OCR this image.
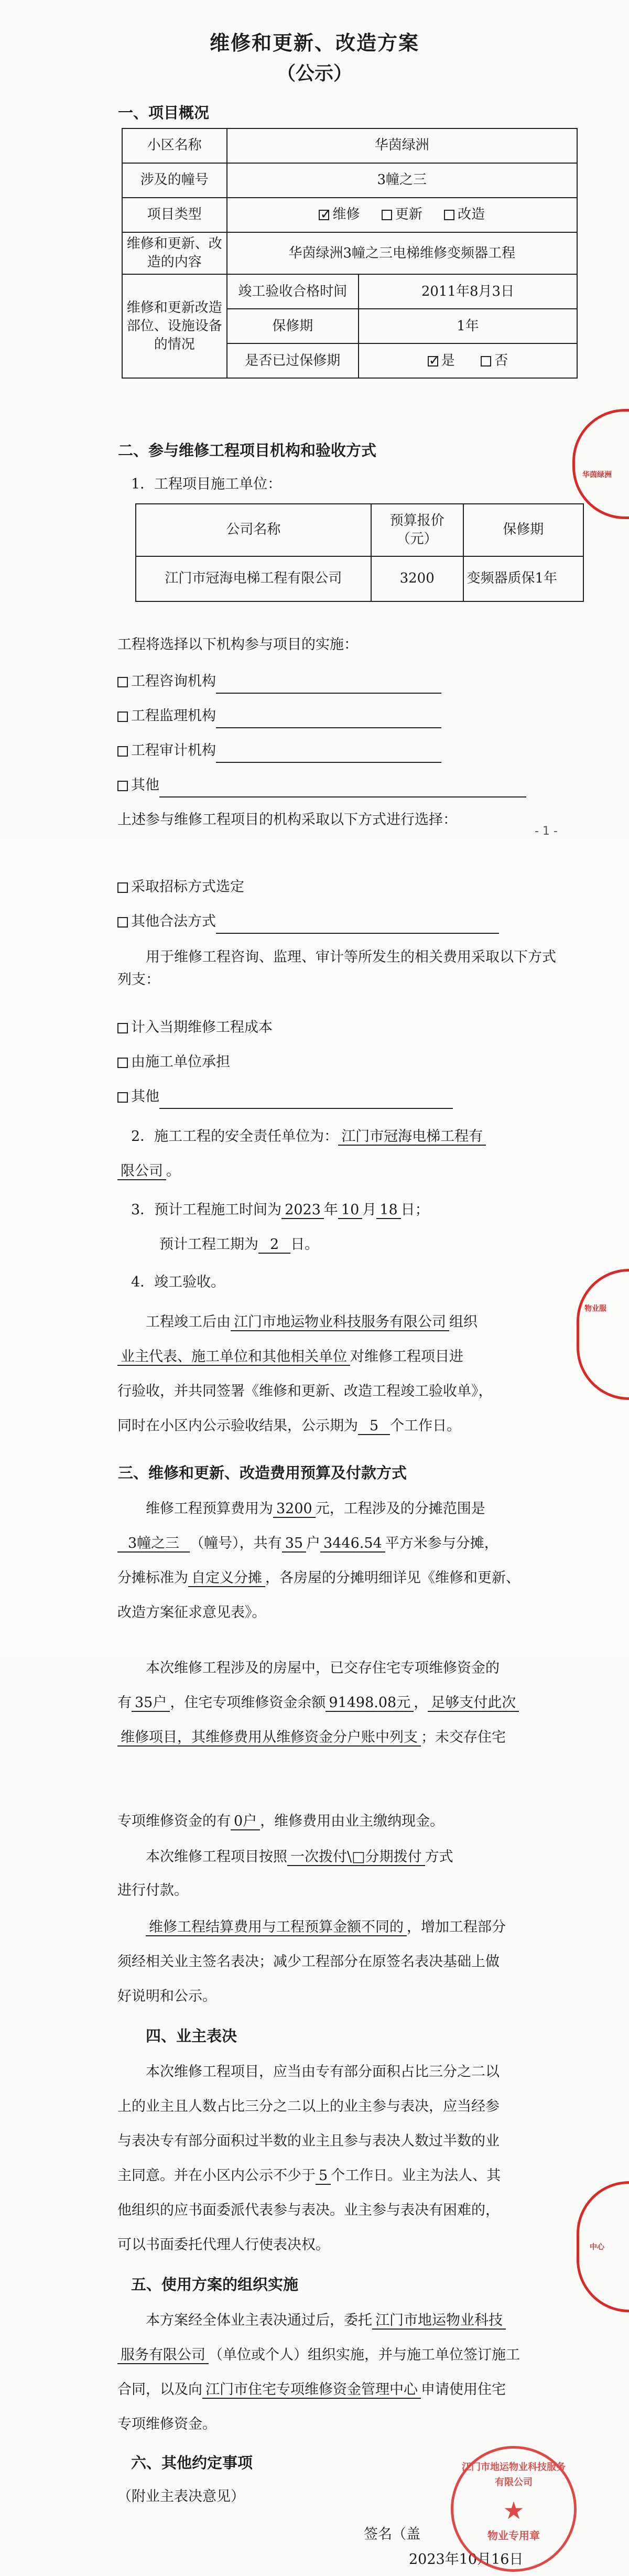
维修和更新、改造方案
（公示）
一、项目概况
小区名称	华茵绿洲	
涉及的幢号	3幢之三	
项目类型	✓维修 更新 改造
维修和更新、改造的内容	华茵绿洲3幢之三电梯维修变频器工程	
维修和更新改造部位、设施设备的情况	竣工验收合格时间	2011年8月3日
	保修期	1年
	是否已过保修期	✓是 否
华茵绿洲
二、参与维修工程项目机构和验收方式
1．工程项目施工单位：
公司名称	预算报价（元）	保修期
江门市冠海电梯工程有限公司	3200	变频器质保1年
工程将选择以下机构参与项目的实施：
工程咨询机构
工程监理机构
工程审计机构
其他
上述参与维修工程项目的机构采取以下方式进行选择：
- 1 -
采取招标方式选定
其他合法方式
用于维修工程咨询、监理、审计等所发生的相关费用采取以下方式列支：
计入当期维修工程成本
由施工单位承担
其他
2．施工工程的安全责任单位为： 江门市冠海电梯工程有
限公司 。
3．预计工程施工时间为 2023 年 10 月 18 日；
预计工程工期为 2 日。
4．竣工验收。
工程竣工后由 江门市地运物业科技服务有限公司 组织
业主代表、施工单位和其他相关单位 对维修工程项目进
行验收，并共同签署《维修和更新、改造工程竣工验收单》，
同时在小区内公示验收结果，公示期为 5 个工作日。
物业服
三、维修和更新、改造费用预算及付款方式
维修工程预算费用为 3200 元，工程涉及的分摊范围是
3幢之三 （幢号），共有 35 户 3446.54 平方米参与分摊，
分摊标准为 自定义分摊 ，各房屋的分摊明细详见《维修和更新、
改造方案征求意见表》。
本次维修工程涉及的房屋中，已交存住宅专项维修资金的
有 35户 ，住宅专项维修资金余额 91498.08元 ， 足够支付此次
维修项目，其维修费用从维修资金分户账中列支 ；未交存住宅
专项维修资金的有 0户 ，维修费用由业主缴纳现金。
本次维修工程项目按照 一次拨付\□分期拨付 方式
进行付款。
维修工程结算费用与工程预算金额不同的 ，增加工程部分
须经相关业主签名表决；减少工程部分在原签名表决基础上做
好说明和公示。
四、业主表决
本次维修工程项目，应当由专有部分面积占比三分之二以
上的业主且人数占比三分之二以上的业主参与表决，应当经参
与表决专有部分面积过半数的业主且参与表决人数过半数的业
主同意。并在小区内公示不少于 5 个工作日。业主为法人、其
他组织的应书面委派代表参与表决。业主参与表决有困难的，
可以书面委托代理人行使表决权。	中心
五、使用方案的组织实施
本方案经全体业主表决通过后，委托 江门市地运物业科技
服务有限公司 （单位或个人）组织实施，并与施工单位签订施工
合同，以及向 江门市住宅专项维修资金管理中心 申请使用住宅
专项维修资金。
六、其他约定事项
（附业主表决意见）
签名（盖
2023年10月16日
江门市地运物业科技服务有限公司
★
物业专用章
